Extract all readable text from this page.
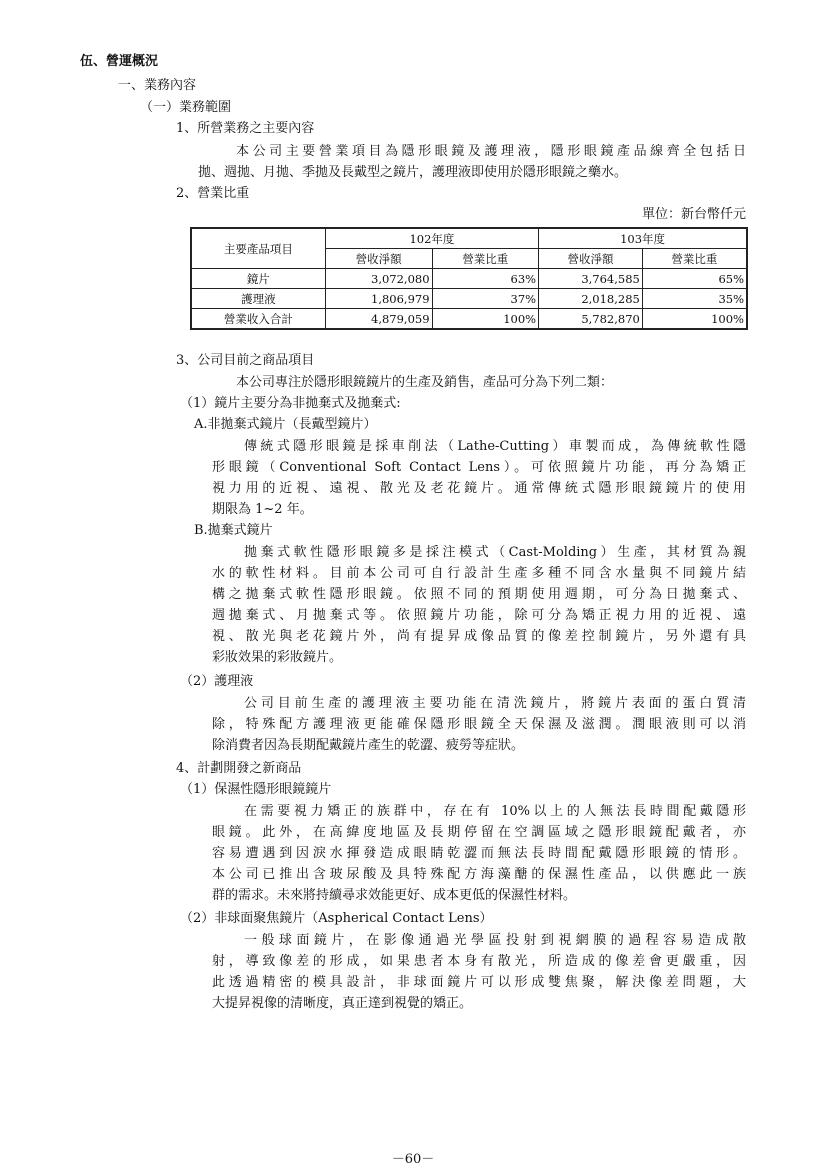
伍、營運概況
一、業務內容
（一）業務範圍
1、所營業務之主要內容
本公司主要營業項目為隱形眼鏡及護理液，隱形眼鏡產品線齊全包括日
拋、週拋、月拋、季拋及長戴型之鏡片，護理液即使用於隱形眼鏡之藥水。
2、營業比重
單位：新台幣仟元
主要產品項目	102年度		103年度	
	營收淨額	營業比重	營收淨額	營業比重
鏡片	3,072,080	63%	3,764,585	65%
護理液	1,806,979	37%	2,018,285	35%
營業收入合計	4,879,059	100%	5,782,870	100%
3、公司目前之商品項目
本公司專注於隱形眼鏡鏡片的生產及銷售，產品可分為下列二類：
（1）鏡片主要分為非拋棄式及拋棄式:
A.非拋棄式鏡片（長戴型鏡片）
傳統式隱形眼鏡是採車削法（Lathe-Cutting）車製而成，為傳統軟性隱
形眼鏡（Conventional Soft Contact Lens）。可依照鏡片功能，再分為矯正
視力用的近視、遠視、散光及老花鏡片。通常傳統式隱形眼鏡鏡片的使用
期限為 1~2 年。
B.拋棄式鏡片
拋棄式軟性隱形眼鏡多是採注模式（Cast-Molding）生產，其材質為親
水的軟性材料。目前本公司可自行設計生產多種不同含水量與不同鏡片結
構之拋棄式軟性隱形眼鏡。依照不同的預期使用週期，可分為日拋棄式、
週拋棄式、月拋棄式等。依照鏡片功能，除可分為矯正視力用的近視、遠
視、散光與老花鏡片外，尚有提昇成像品質的像差控制鏡片，另外還有具
彩妝效果的彩妝鏡片。
（2）護理液
公司目前生產的護理液主要功能在清洗鏡片，將鏡片表面的蛋白質清
除，特殊配方護理液更能確保隱形眼鏡全天保濕及滋潤。潤眼液則可以消
除消費者因為長期配戴鏡片產生的乾澀、疲勞等症狀。
4、計劃開發之新商品
（1）保濕性隱形眼鏡鏡片
在需要視力矯正的族群中，存在有 10%以上的人無法長時間配戴隱形
眼鏡。此外，在高緯度地區及長期停留在空調區域之隱形眼鏡配戴者，亦
容易遭遇到因淚水揮發造成眼睛乾澀而無法長時間配戴隱形眼鏡的情形。
本公司已推出含玻尿酸及具特殊配方海藻醣的保濕性產品，以供應此一族
群的需求。未來將持續尋求效能更好、成本更低的保濕性材料。
（2）非球面聚焦鏡片（Aspherical Contact Lens）
一般球面鏡片，在影像通過光學區投射到視網膜的過程容易造成散
射，導致像差的形成，如果患者本身有散光，所造成的像差會更嚴重，因
此透過精密的模具設計，非球面鏡片可以形成雙焦聚，解決像差問題，大
大提昇視像的清晰度，真正達到視覺的矯正。
－60－
